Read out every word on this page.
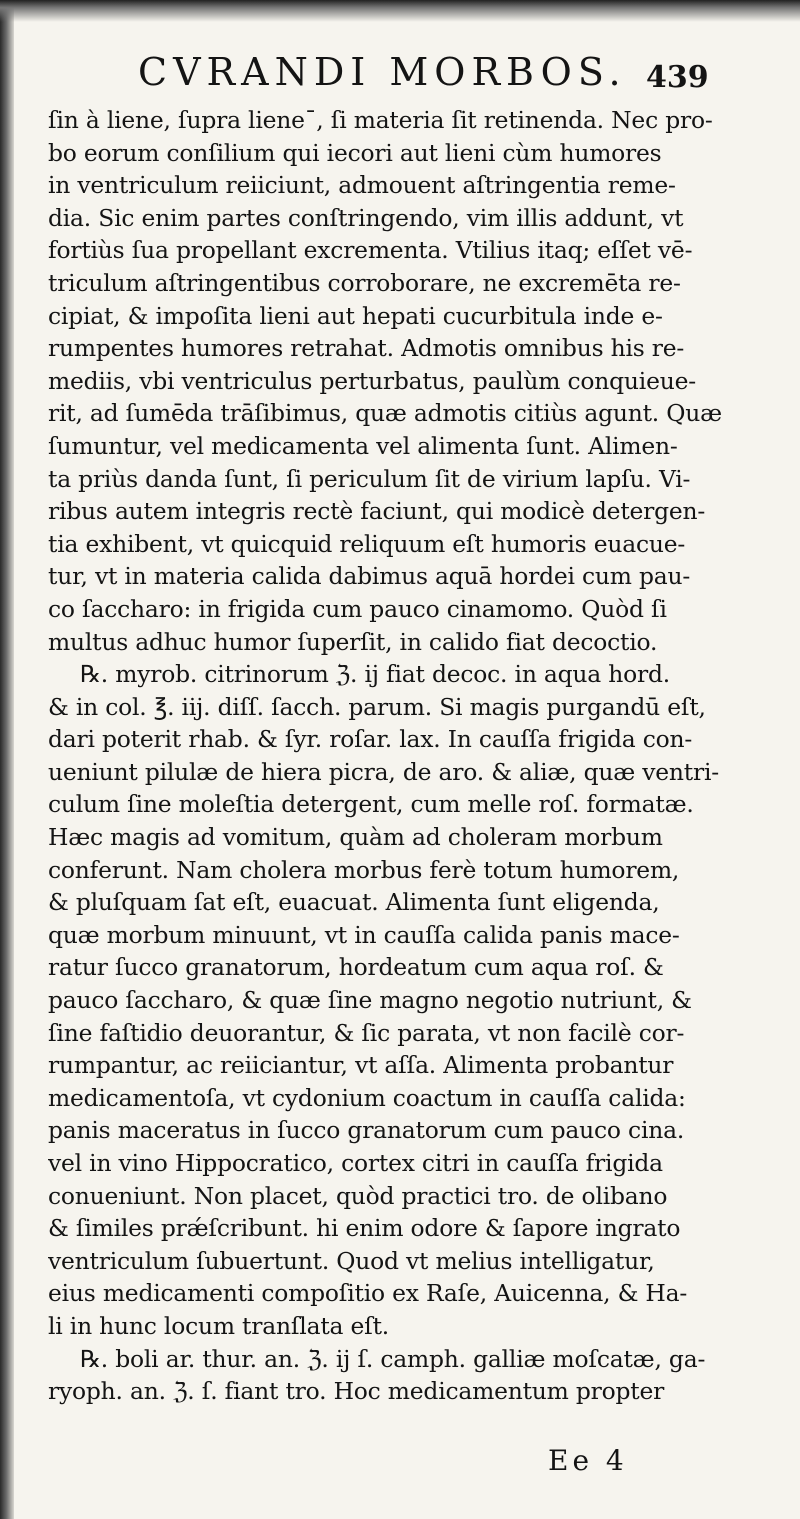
CVRANDI MORBOS. 439
ſin à liene, ſupra lieneˉ, ſi materia ſit retinenda. Nec pro-
bo eorum conſilium qui iecori aut lieni cùm humores
in ventriculum reiiciunt, admouent aſtringentia reme-
dia. Sic enim partes conſtringendo, vim illis addunt, vt
fortiùs ſua propellant excrementa. Vtilius itaq; eſſet vē-
triculum aſtringentibus corroborare, ne excremēta re-
cipiat, & impoſita lieni aut hepati cucurbitula inde e-
rumpentes humores retrahat. Admotis omnibus his re-
mediis, vbi ventriculus perturbatus, paulùm conquieue-
rit, ad ſumēda trāſibimus, quæ admotis citiùs agunt. Quæ
ſumuntur, vel medicamenta vel alimenta ſunt. Alimen-
ta priùs danda ſunt, ſi periculum ſit de virium lapſu. Vi-
ribus autem integris rectè faciunt, qui modicè detergen-
tia exhibent, vt quicquid reliquum eſt humoris euacue-
tur, vt in materia calida dabimus aquā hordei cum pau-
co ſaccharo: in frigida cum pauco cinamomo. Quòd ſi
multus adhuc humor ſuperſit, in calido fiat decoctio.
℞. myrob. citrinorum ℨ. ij fiat decoc. in aqua hord.
& in col. ℥. iij. diſſ. ſacch. parum. Si magis purgandū eſt,
dari poterit rhab. & ſyr. roſar. lax. In cauſſa frigida con-
ueniunt pilulæ de hiera picra, de aro. & aliæ, quæ ventri-
culum ſine moleſtia detergent, cum melle roſ. formatæ.
Hæc magis ad vomitum, quàm ad choleram morbum
conferunt. Nam cholera morbus ferè totum humorem,
& pluſquam ſat eſt, euacuat. Alimenta ſunt eligenda,
quæ morbum minuunt, vt in cauſſa calida panis mace-
ratur ſucco granatorum, hordeatum cum aqua roſ. &
pauco ſaccharo, & quæ ſine magno negotio nutriunt, &
ſine faſtidio deuorantur, & ſic parata, vt non facilè cor-
rumpantur, ac reiiciantur, vt aſſa. Alimenta probantur
medicamentoſa, vt cydonium coactum in cauſſa calida:
panis maceratus in ſucco granatorum cum pauco cina.
vel in vino Hippocratico, cortex citri in cauſſa frigida
conueniunt. Non placet, quòd practici tro. de olibano
& ſimiles prǽſcribunt. hi enim odore & ſapore ingrato
ventriculum ſubuertunt. Quod vt melius intelligatur,
eius medicamenti compoſitio ex Raſe, Auicenna, & Ha-
li in hunc locum tranſlata eſt.
℞. boli ar. thur. an. ℨ. ij ſ. camph. galliæ moſcatæ, ga-
ryoph. an. ℨ. ſ. fiant tro. Hoc medicamentum propter
Ee 4
